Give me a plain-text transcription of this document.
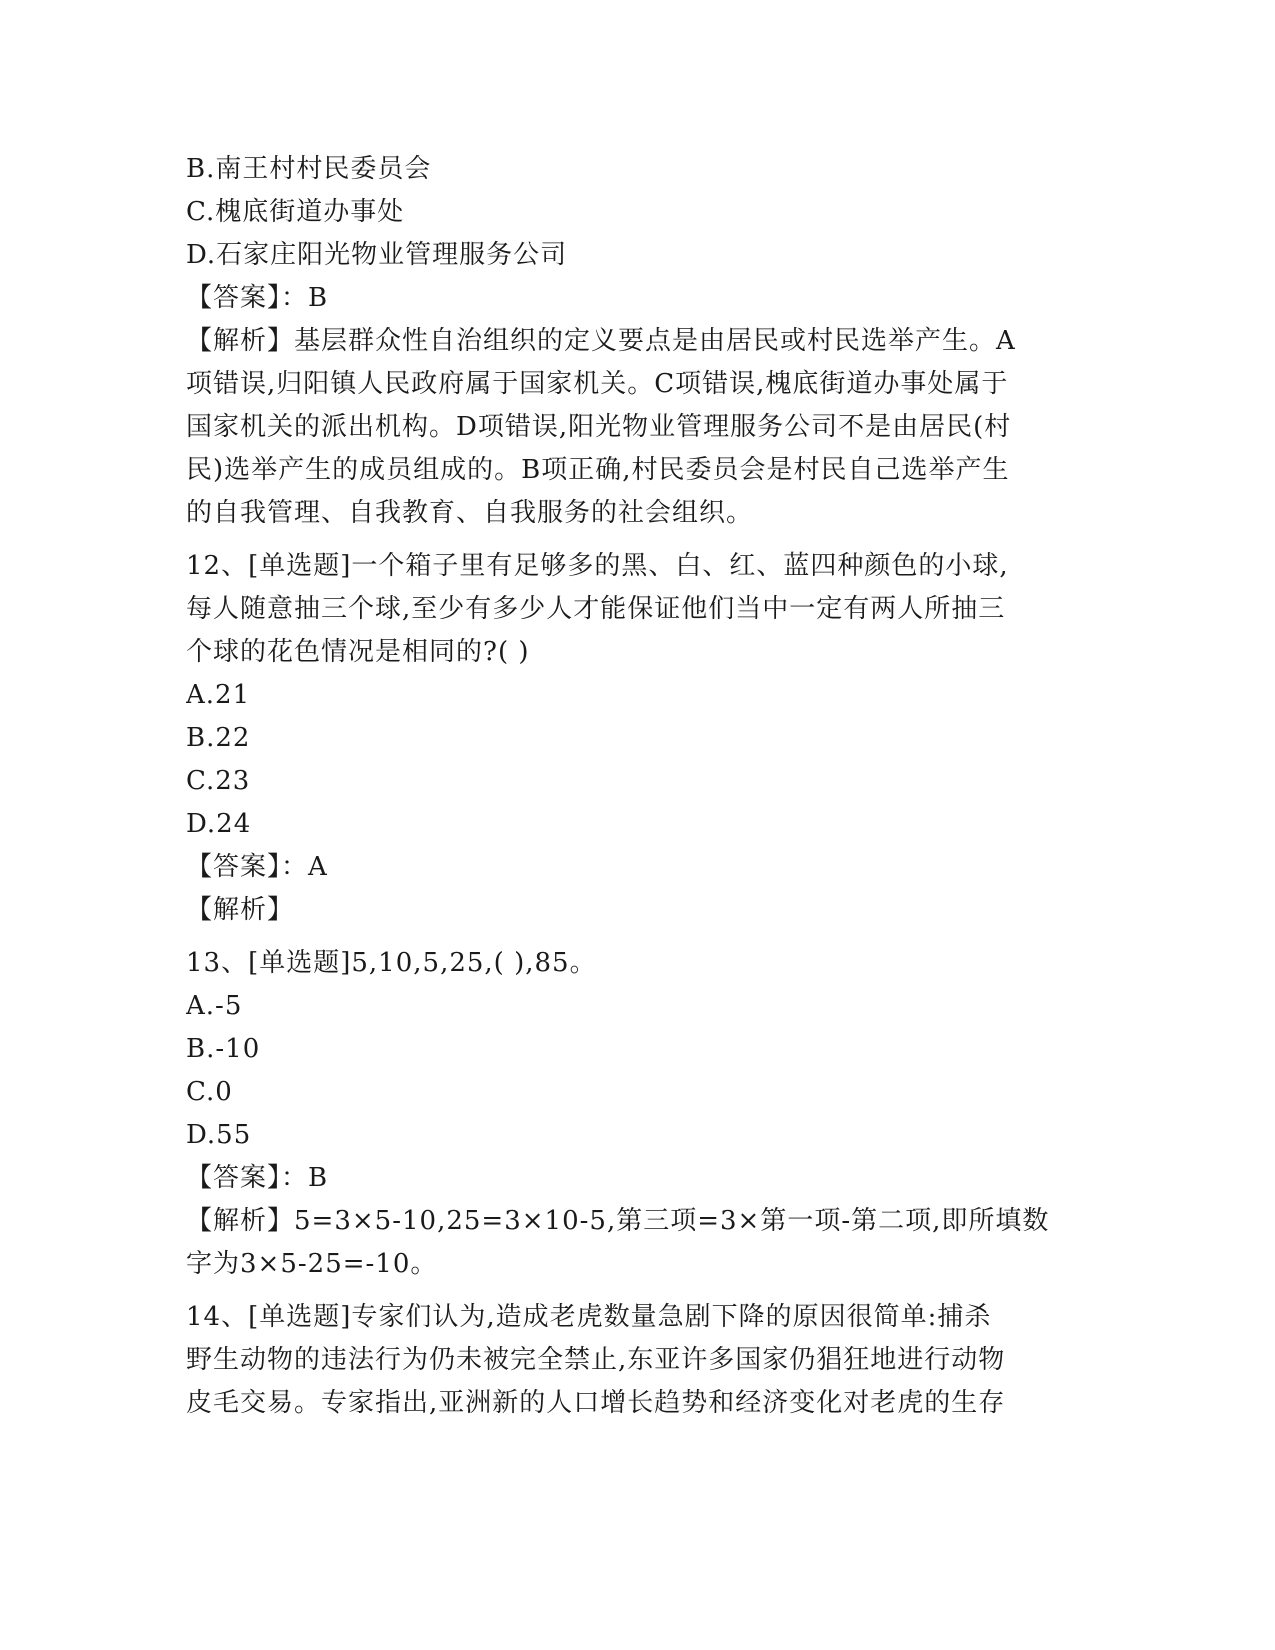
B.南王村村民委员会
C.槐底街道办事处
D.石家庄阳光物业管理服务公司
【答案】：B
【解析】基层群众性自治组织的定义要点是由居民或村民选举产生。A
项错误,归阳镇人民政府属于国家机关。C项错误,槐底街道办事处属于
国家机关的派出机构。D项错误,阳光物业管理服务公司不是由居民(村
民)选举产生的成员组成的。B项正确,村民委员会是村民自己选举产生
的自我管理、自我教育、自我服务的社会组织。
12、[单选题]一个箱子里有足够多的黑、白、红、蓝四种颜色的小球,
每人随意抽三个球,至少有多少人才能保证他们当中一定有两人所抽三
个球的花色情况是相同的?( )
A.21
B.22
C.23
D.24
【答案】：A
【解析】
13、[单选题]5,10,5,25,( ),85。
A.-5
B.-10
C.0
D.55
【答案】：B
【解析】5=3×5-10,25=3×10-5,第三项=3×第一项-第二项,即所填数
字为3×5-25=-10。
14、[单选题]专家们认为,造成老虎数量急剧下降的原因很简单:捕杀
野生动物的违法行为仍未被完全禁止,东亚许多国家仍猖狂地进行动物
皮毛交易。专家指出,亚洲新的人口增长趋势和经济变化对老虎的生存
